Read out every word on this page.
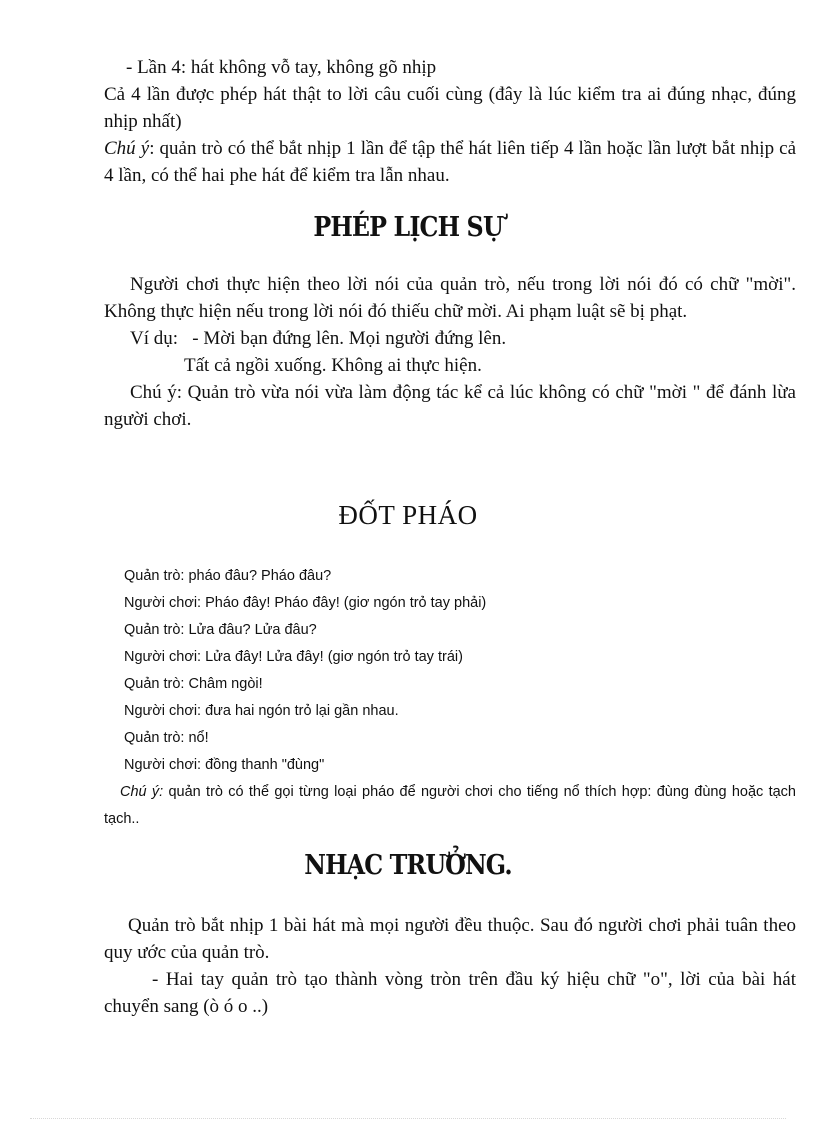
- Lần 4: hát không vỗ tay, không gõ nhịp

Cả 4 lần được phép hát thật to lời câu cuối cùng (đây là lúc kiểm tra ai đúng nhạc, đúng nhịp nhất)

Chú ý: quản trò có thể bắt nhịp 1 lần để tập thể hát liên tiếp 4 lần hoặc lần lượt bắt nhịp cả 4 lần, có thể hai phe hát để kiểm tra lẫn nhau.

PHÉP LỊCH SỰ

Người chơi thực hiện theo lời nói của quản trò, nếu trong lời nói đó có chữ "mời". Không thực hiện nếu trong lời nói đó thiếu chữ mời. Ai phạm luật sẽ bị phạt.

Ví dụ: - Mời bạn đứng lên. Mọi người đứng lên.

Tất cả ngồi xuống. Không ai thực hiện.

Chú ý: Quản trò vừa nói vừa làm động tác kể cả lúc không có chữ "mời " để đánh lừa người chơi.

ĐỐT PHÁO

Quản trò: pháo đâu? Pháo đâu?

Người chơi: Pháo đây! Pháo đây! (giơ ngón trỏ tay phải)

Quản trò: Lửa đâu? Lửa đâu?

Người chơi: Lửa đây! Lửa đây! (giơ ngón trỏ tay trái)

Quản trò: Châm ngòi!

Người chơi: đưa hai ngón trỏ lại gần nhau.

Quản trò: nổ!

Người chơi: đồng thanh "đùng"

Chú ý: quản trò có thể gọi từng loại pháo để người chơi cho tiếng nổ thích hợp: đùng đùng hoặc tạch tạch..

NHẠC TRƯỞNG.

Quản trò bắt nhịp 1 bài hát mà mọi người đều thuộc. Sau đó người chơi phải tuân theo quy ước của quản trò.

- Hai tay quản trò tạo thành vòng tròn trên đầu ký hiệu chữ "o", lời của bài hát chuyển sang (ò ó o ..)
